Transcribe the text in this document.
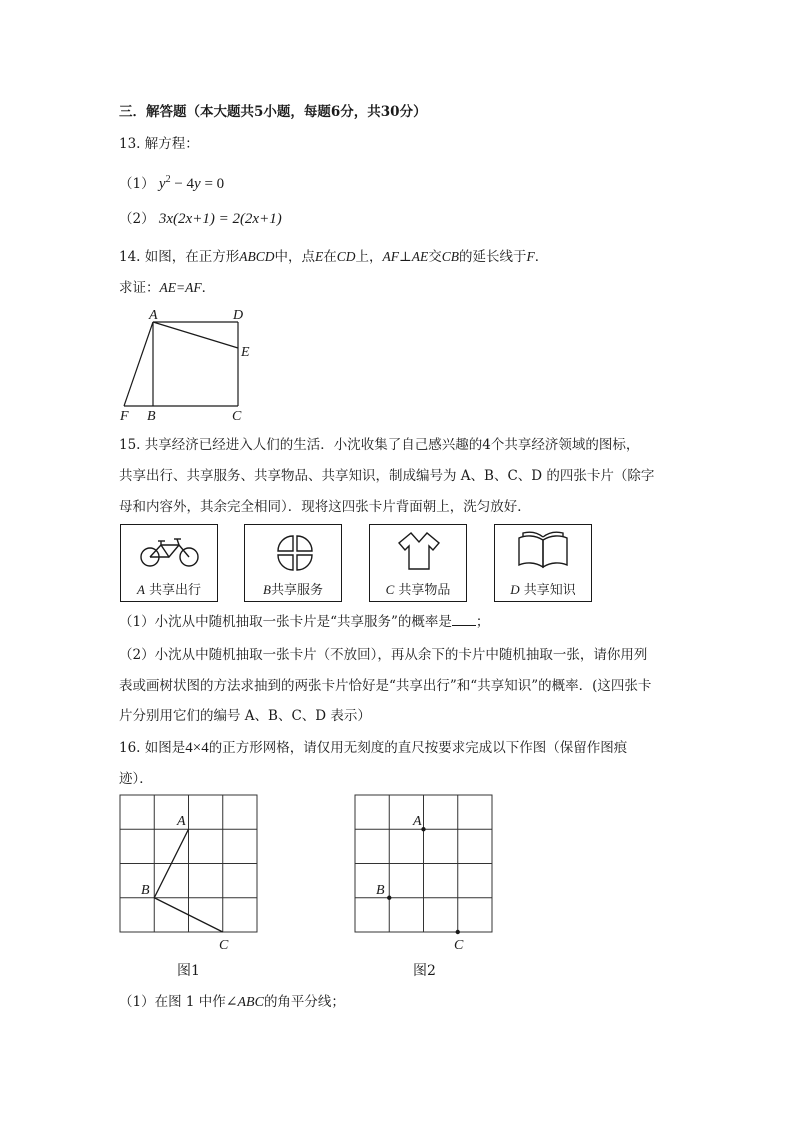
三．解答题（本大题共5小题，每题6分，共30分）
13. 解方程：
（1） $y^2 - 4y = 0$
（2） 3x(2x+1) = 2(2x+1)
14. 如图，在正方形ABCD中，点E在CD上，AF⊥AE交CB的延长线于F．
求证：AE=AF．
A	D
E
F B	C
15. 共享经济已经进入人们的生活．小沈收集了自己感兴趣的4个共享经济领域的图标，
共享出行、共享服务、共享物品、共享知识，制成编号为 A、B、C、D 的四张卡片（除字
母和内容外，其余完全相同）．现将这四张卡片背面朝上，洗匀放好．
A 共享出行	B共享服务	C 共享物品	D 共享知识
（1）小沈从中随机抽取一张卡片是“共享服务”的概率是 ；
（2）小沈从中随机抽取一张卡片（不放回），再从余下的卡片中随机抽取一张，请你用列
表或画树状图的方法求抽到的两张卡片恰好是“共享出行”和“共享知识”的概率．(这四张卡
片分别用它们的编号 A、B、C、D 表示）
16. 如图是4×4的正方形网格，请仅用无刻度的直尺按要求完成以下作图（保留作图痕
迹）．
A
B
C
图1
A
B
C
图2
（1）在图 1 中作∠ABC的角平分线；
